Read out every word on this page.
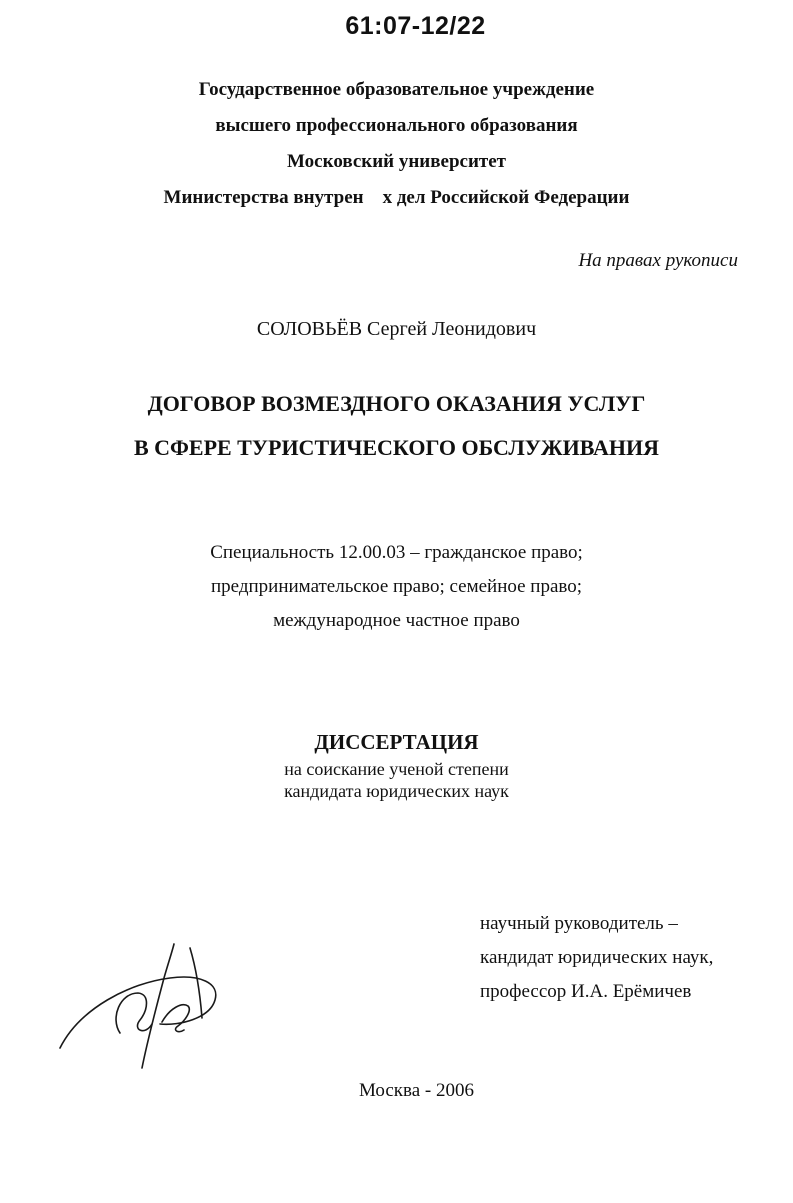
61:07-12/22
Государственное образовательное учреждение
высшего профессионального образования
Московский университет
Министерства внутрен    х дел Российской Федерации
На правах рукописи
СОЛОВЬЁВ Сергей Леонидович
ДОГОВОР ВОЗМЕЗДНОГО ОКАЗАНИЯ УСЛУГ
В СФЕРЕ ТУРИСТИЧЕСКОГО ОБСЛУЖИВАНИЯ
Специальность 12.00.03 – гражданское право;
предпринимательское право; семейное право;
международное частное право
ДИССЕРТАЦИЯ
на соискание ученой степени
кандидата юридических наук
научный руководитель –
кандидат юридических наук,
профессор И.А. Ерёмичев
Москва - 2006
